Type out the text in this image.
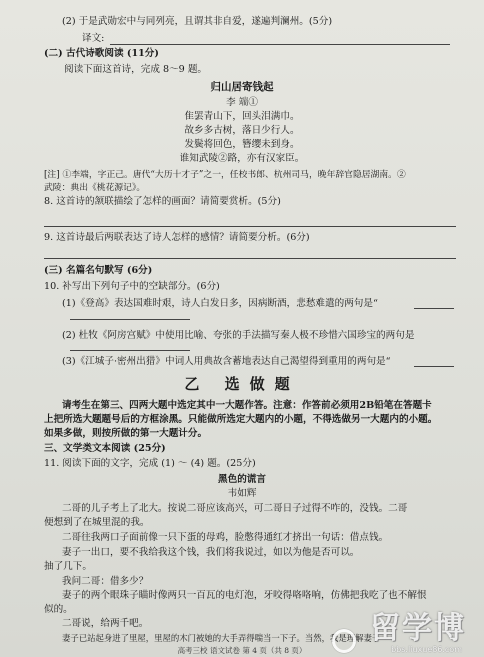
(2) 于是武勋宏中与同列亮，且谓其非自爱，遂遍判澜州。(5分)
译文:
(二) 古代诗歌阅读 (11分)
阅读下面这首诗，完成 8～9 题。
归山居寄钱起
李 端①
隹罢青山下，回头泪满巾。
故乡多古树，落日少行人。
发鬓将回色，簪缨未到身。
谁知武陵②路，亦有汉家臣。
[注] ①李端，字正己。唐代“大历十才子”之一，任校书郎、杭州司马，晚年辞官隐居湖南。②
武陵：典出《桃花源记》。
8. 这首诗的颔联描绘了怎样的画面？请简要赏析。(5分)
9. 这首诗最后两联表达了诗人怎样的感情？请简要分析。(6分)
(三) 名篇名句默写 (6分)
10. 补写出下列句子中的空缺部分。(6分)
(1)《登高》表达国难时艰，诗人白发日多，因病断酒，悲愁难遣的两句是“
(2) 杜牧《阿房宫赋》中使用比喻、夸张的手法描写秦人极不珍惜六国珍宝的两句是
(3)《江城子·密州出猎》中词人用典故含蓄地表达自己渴望得到重用的两句是“
乙 选做题
请考生在第三、四两大题中选定其中一大题作答。注意：作答前必须用2B铅笔在答题卡
上把所选大题题号后的方框涂黑。只能做所选定大题内的小题，不得选做另一大题内的小题。
如果多做，则按所做的第一大题计分。
三、文学类文本阅读 (25分)
11. 阅读下面的文字，完成 (1) ～ (4) 题。(25分)
黑色的谎言
韦如辉
二哥的儿子考上了北大。按说二哥应该高兴，可二哥日子过得不咋的，没钱。二哥
便想到了在城里混的我。
二哥往我两口子面前像一只下蛋的母鸡，脸憋得通红才挤出一句话：借点钱。
妻子一出口，要不我给我这个钱，我们将我说过，如以为他是否可以。
抽了几下。
我问二哥：借多少？
妻子的两个眼珠子瞄时像两只一百瓦的电灯泡，牙咬得咯咯响，仿佛把我吃了也不解恨
似的。
二哥说，给两千吧。
妻子已站起身进了里屋，里屋的木门被她的大手弄得喘当一下子。当然，我是理解妻子
高考三校 语文试卷 第 4 页（共 8 页）
留学博
bbs.liuxue86.com
